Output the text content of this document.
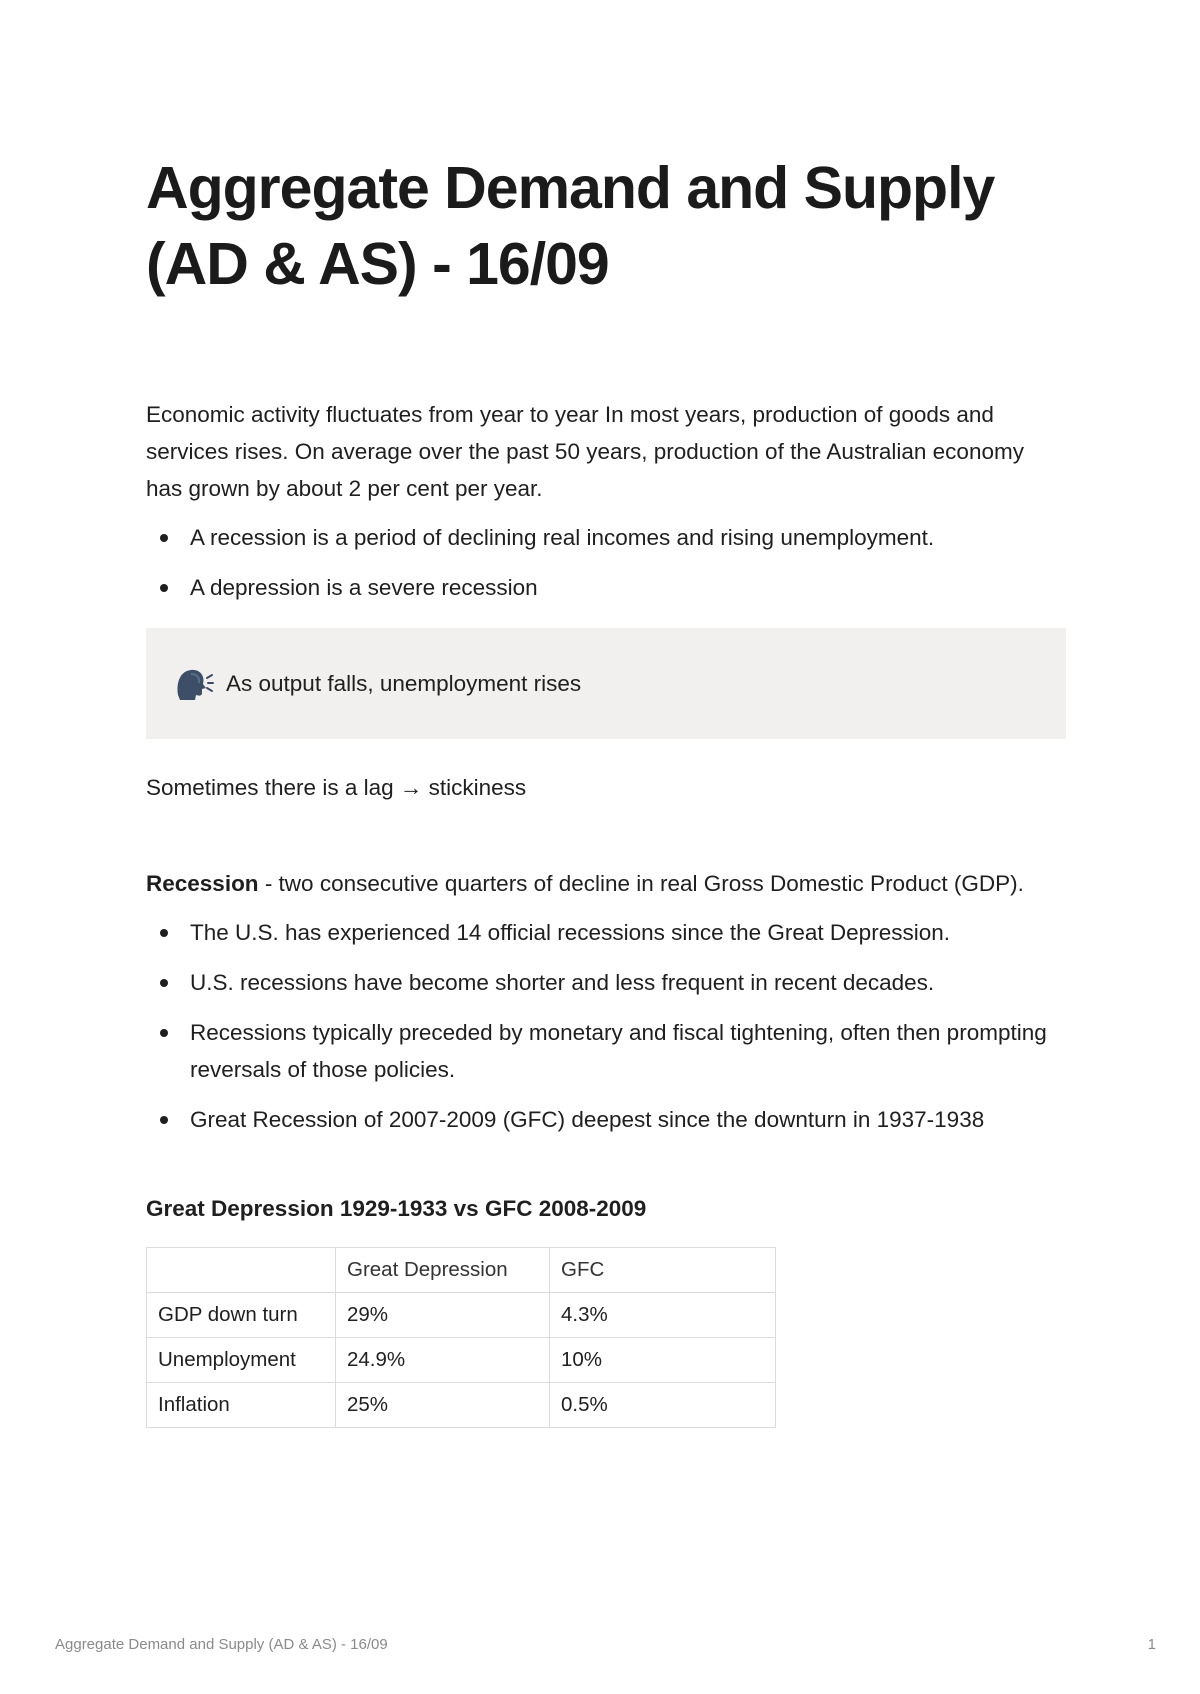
Aggregate Demand and Supply (AD & AS) - 16/09

Economic activity fluctuates from year to year In most years, production of goods and services rises. On average over the past 50 years, production of the Australian economy has grown by about 2 per cent per year.

A recession is a period of declining real incomes and rising unemployment.
A depression is a severe recession
As output falls, unemployment rises

Sometimes there is a lag → stickiness

Recession - two consecutive quarters of decline in real Gross Domestic Product (GDP).

The U.S. has experienced 14 official recessions since the Great Depression.
U.S. recessions have become shorter and less frequent in recent decades.
Recessions typically preceded by monetary and fiscal tightening, often then prompting reversals of those policies.
Great Recession of 2007-2009 (GFC) deepest since the downturn in 1937-1938
Great Depression 1929-1933 vs GFC 2008-2009
	Great Depression	GFC
GDP down turn	29%	4.3%
Unemployment	24.9%	10%
Inflation	25%	0.5%
Aggregate Demand and Supply (AD & AS) - 16/09	1
